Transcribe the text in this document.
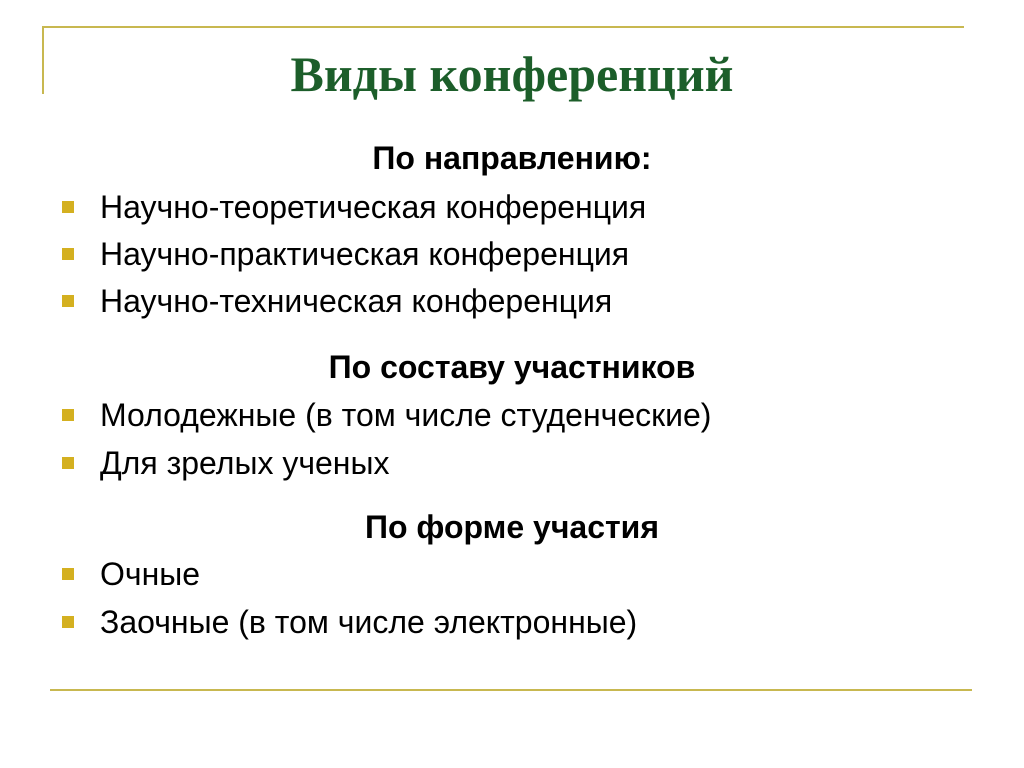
Виды конференций
По направлению:
Научно-теоретическая конференция
Научно-практическая конференция
Научно-техническая конференция
По составу участников
Молодежные (в том числе студенческие)
Для зрелых ученых
По форме участия
Очные
Заочные (в том числе электронные)
